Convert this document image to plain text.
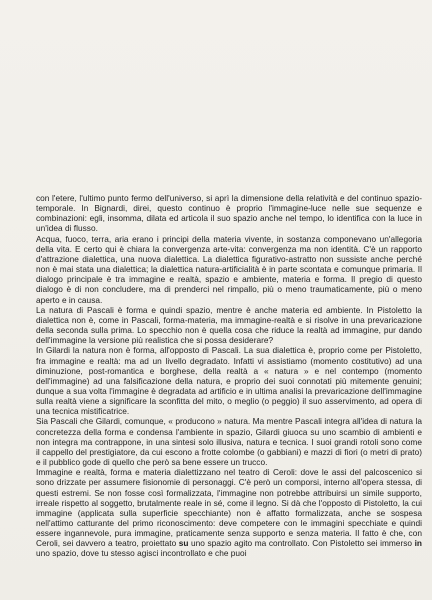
con l'etere, l'ultimo punto fermo dell'universo, si aprì la dimensione della relatività e del continuo spazio-temporale. In Bignardi, direi, questo continuo è proprio l'immagine-luce nelle sue sequenze e combinazioni: egli, insomma, dilata ed articola il suo spazio anche nel tempo, lo identifica con la luce in un'idea di flusso.

Acqua, fuoco, terra, aria erano i principi della materia vivente, in sostanza componevano un'allegoria della vita. E certo qui è chiara la convergenza arte-vita: convergenza ma non identità. C'è un rapporto d'attrazione dialettica, una nuova dialettica. La dialettica figurativo-astratto non sussiste anche perché non è mai stata una dialettica; la dialettica natura-artificialità è in parte scontata e comunque primaria. Il dialogo principale è tra immagine e realtà, spazio e ambiente, materia e forma. Il pregio di questo dialogo è di non concludere, ma di prenderci nel rimpallo, più o meno traumaticamente, più o meno aperto e in causa.

La natura di Pascali è forma e quindi spazio, mentre è anche materia ed ambiente. In Pistoletto la dialettica non è, come in Pascali, forma-materia, ma immagine-realtà e si risolve in una prevaricazione della seconda sulla prima. Lo specchio non è quella cosa che riduce la realtà ad immagine, pur dando dell'immagine la versione più realistica che si possa desiderare?

In Gilardi la natura non è forma, all'opposto di Pascali. La sua dialettica è, proprio come per Pistoletto, fra immagine e realtà: ma ad un livello degradato. Infatti vi assistiamo (momento costitutivo) ad una diminuzione, post-romantica e borghese, della realtà a « natura » e nel contempo (momento dell'immagine) ad una falsificazione della natura, e proprio dei suoi connotati più mitemente genuini; dunque a sua volta l'immagine è degradata ad artificio e in ultima analisi la prevaricazione dell'immagine sulla realtà viene a significare la sconfitta del mito, o meglio (o peggio) il suo asservimento, ad opera di una tecnica mistificatrice.

Sia Pascali che Gilardi, comunque, « producono » natura. Ma mentre Pascali integra all'idea di natura la concretezza della forma e condensa l'ambiente in spazio, Gilardi giuoca su uno scambio di ambienti e non integra ma contrappone, in una sintesi solo illusiva, natura e tecnica. I suoi grandi rotoli sono come il cappello del prestigiatore, da cui escono a frotte colombe (o gabbiani) e mazzi di fiori (o metri di prato) e il pubblico gode di quello che però sa bene essere un trucco.

Immagine e realtà, forma e materia dialettizzano nel teatro di Ceroli: dove le assi del palcoscenico si sono drizzate per assumere fisionomie di personaggi. C'è però un comporsi, interno all'opera stessa, di questi estremi. Se non fosse così formalizzata, l'immagine non potrebbe attribuirsi un simile supporto, irreale rispetto al soggetto, brutalmente reale in sé, come il legno. Si dà che l'opposto di Pistoletto, la cui immagine (applicata sulla superficie specchiante) non è affatto formalizzata, anche se sospesa nell'attimo catturante del primo riconoscimento: deve competere con le immagini specchiate e quindi essere ingannevole, pura immagine, praticamente senza supporto e senza materia. Il fatto è che, con Ceroli, sei davvero a teatro, proiettato su uno spazio agito ma controllato. Con Pistoletto sei immerso in uno spazio, dove tu stesso agisci incontrollato e che puoi
